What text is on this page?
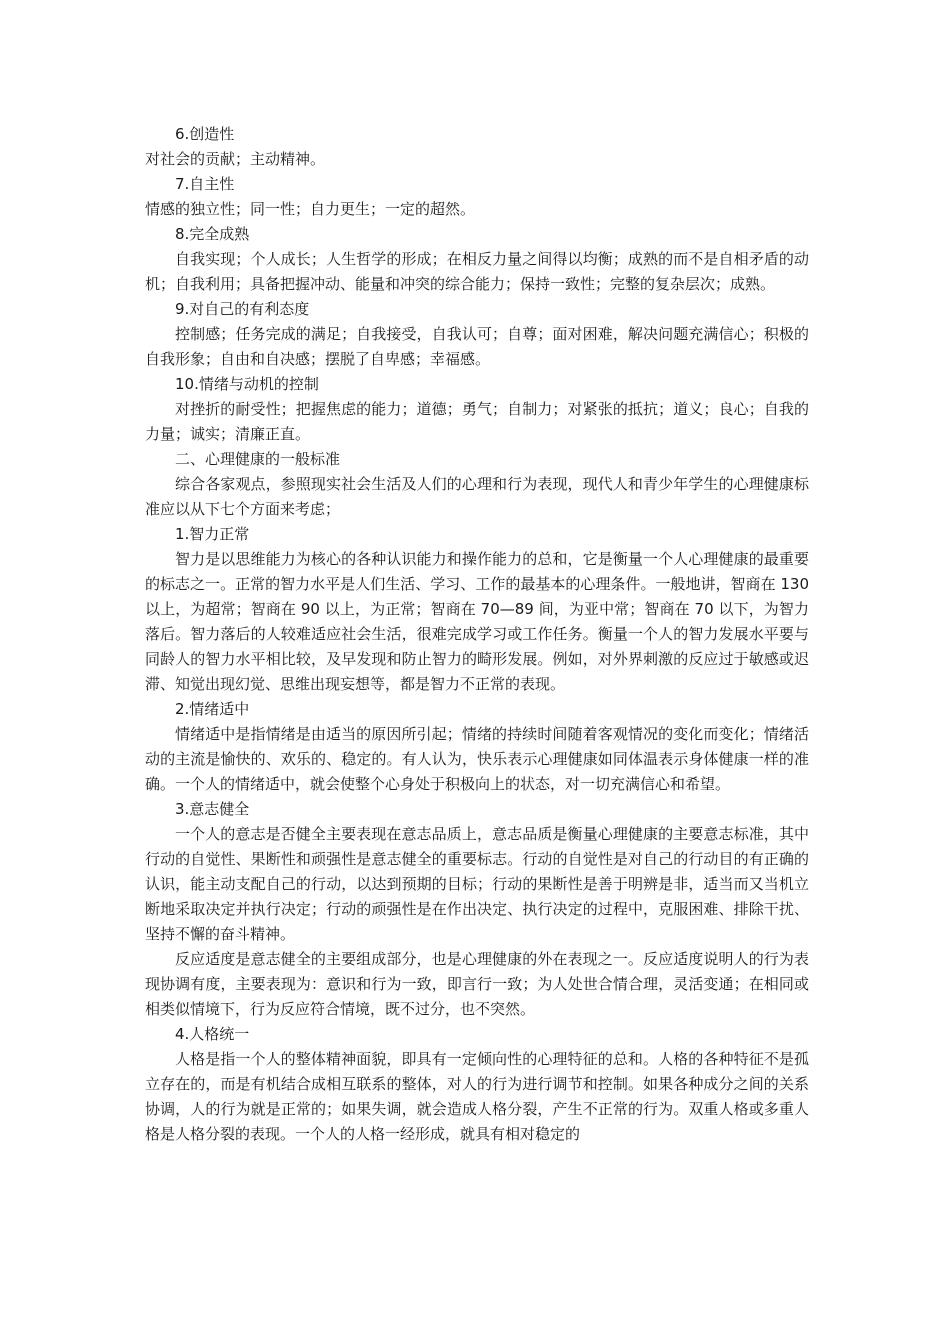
6.创造性

对社会的贡献；主动精神。

7.自主性

情感的独立性；同一性；自力更生；一定的超然。

8.完全成熟

自我实现；个人成长；人生哲学的形成；在相反力量之间得以均衡；成熟的而不是自相矛盾的动机；自我利用；具备把握冲动、能量和冲突的综合能力；保持一致性；完整的复杂层次；成熟。

9.对自己的有利态度

控制感；任务完成的满足；自我接受，自我认可；自尊；面对困难，解决问题充满信心；积极的自我形象；自由和自决感；摆脱了自卑感；幸福感。

10.情绪与动机的控制

对挫折的耐受性；把握焦虑的能力；道德；勇气；自制力；对紧张的抵抗；道义；良心；自我的力量；诚实；清廉正直。

二、心理健康的一般标准

综合各家观点，参照现实社会生活及人们的心理和行为表现，现代人和青少年学生的心理健康标准应以从下七个方面来考虑；

1.智力正常

智力是以思维能力为核心的各种认识能力和操作能力的总和，它是衡量一个人心理健康的最重要的标志之一。正常的智力水平是人们生活、学习、工作的最基本的心理条件。一般地讲，智商在 130 以上，为超常；智商在 90 以上，为正常；智商在 70—89 间，为亚中常；智商在 70 以下，为智力落后。智力落后的人较难适应社会生活，很难完成学习或工作任务。衡量一个人的智力发展水平要与同龄人的智力水平相比较，及早发现和防止智力的畸形发展。例如，对外界刺激的反应过于敏感或迟滞、知觉出现幻觉、思维出现妄想等，都是智力不正常的表现。

2.情绪适中

情绪适中是指情绪是由适当的原因所引起；情绪的持续时间随着客观情况的变化而变化；情绪活动的主流是愉快的、欢乐的、稳定的。有人认为，快乐表示心理健康如同体温表示身体健康一样的准确。一个人的情绪适中，就会使整个心身处于积极向上的状态，对一切充满信心和希望。

3.意志健全

一个人的意志是否健全主要表现在意志品质上，意志品质是衡量心理健康的主要意志标准，其中行动的自觉性、果断性和顽强性是意志健全的重要标志。行动的自觉性是对自己的行动目的有正确的认识，能主动支配自己的行动，以达到预期的目标；行动的果断性是善于明辨是非，适当而又当机立断地采取决定并执行决定；行动的顽强性是在作出决定、执行决定的过程中，克服困难、排除干扰、坚持不懈的奋斗精神。

反应适度是意志健全的主要组成部分，也是心理健康的外在表现之一。反应适度说明人的行为表现协调有度，主要表现为：意识和行为一致，即言行一致；为人处世合情合理，灵活变通；在相同或相类似情境下，行为反应符合情境，既不过分，也不突然。

4.人格统一

人格是指一个人的整体精神面貌，即具有一定倾向性的心理特征的总和。人格的各种特征不是孤立存在的，而是有机结合成相互联系的整体，对人的行为进行调节和控制。如果各种成分之间的关系协调，人的行为就是正常的；如果失调，就会造成人格分裂，产生不正常的行为。双重人格或多重人格是人格分裂的表现。一个人的人格一经形成，就具有相对稳定的
